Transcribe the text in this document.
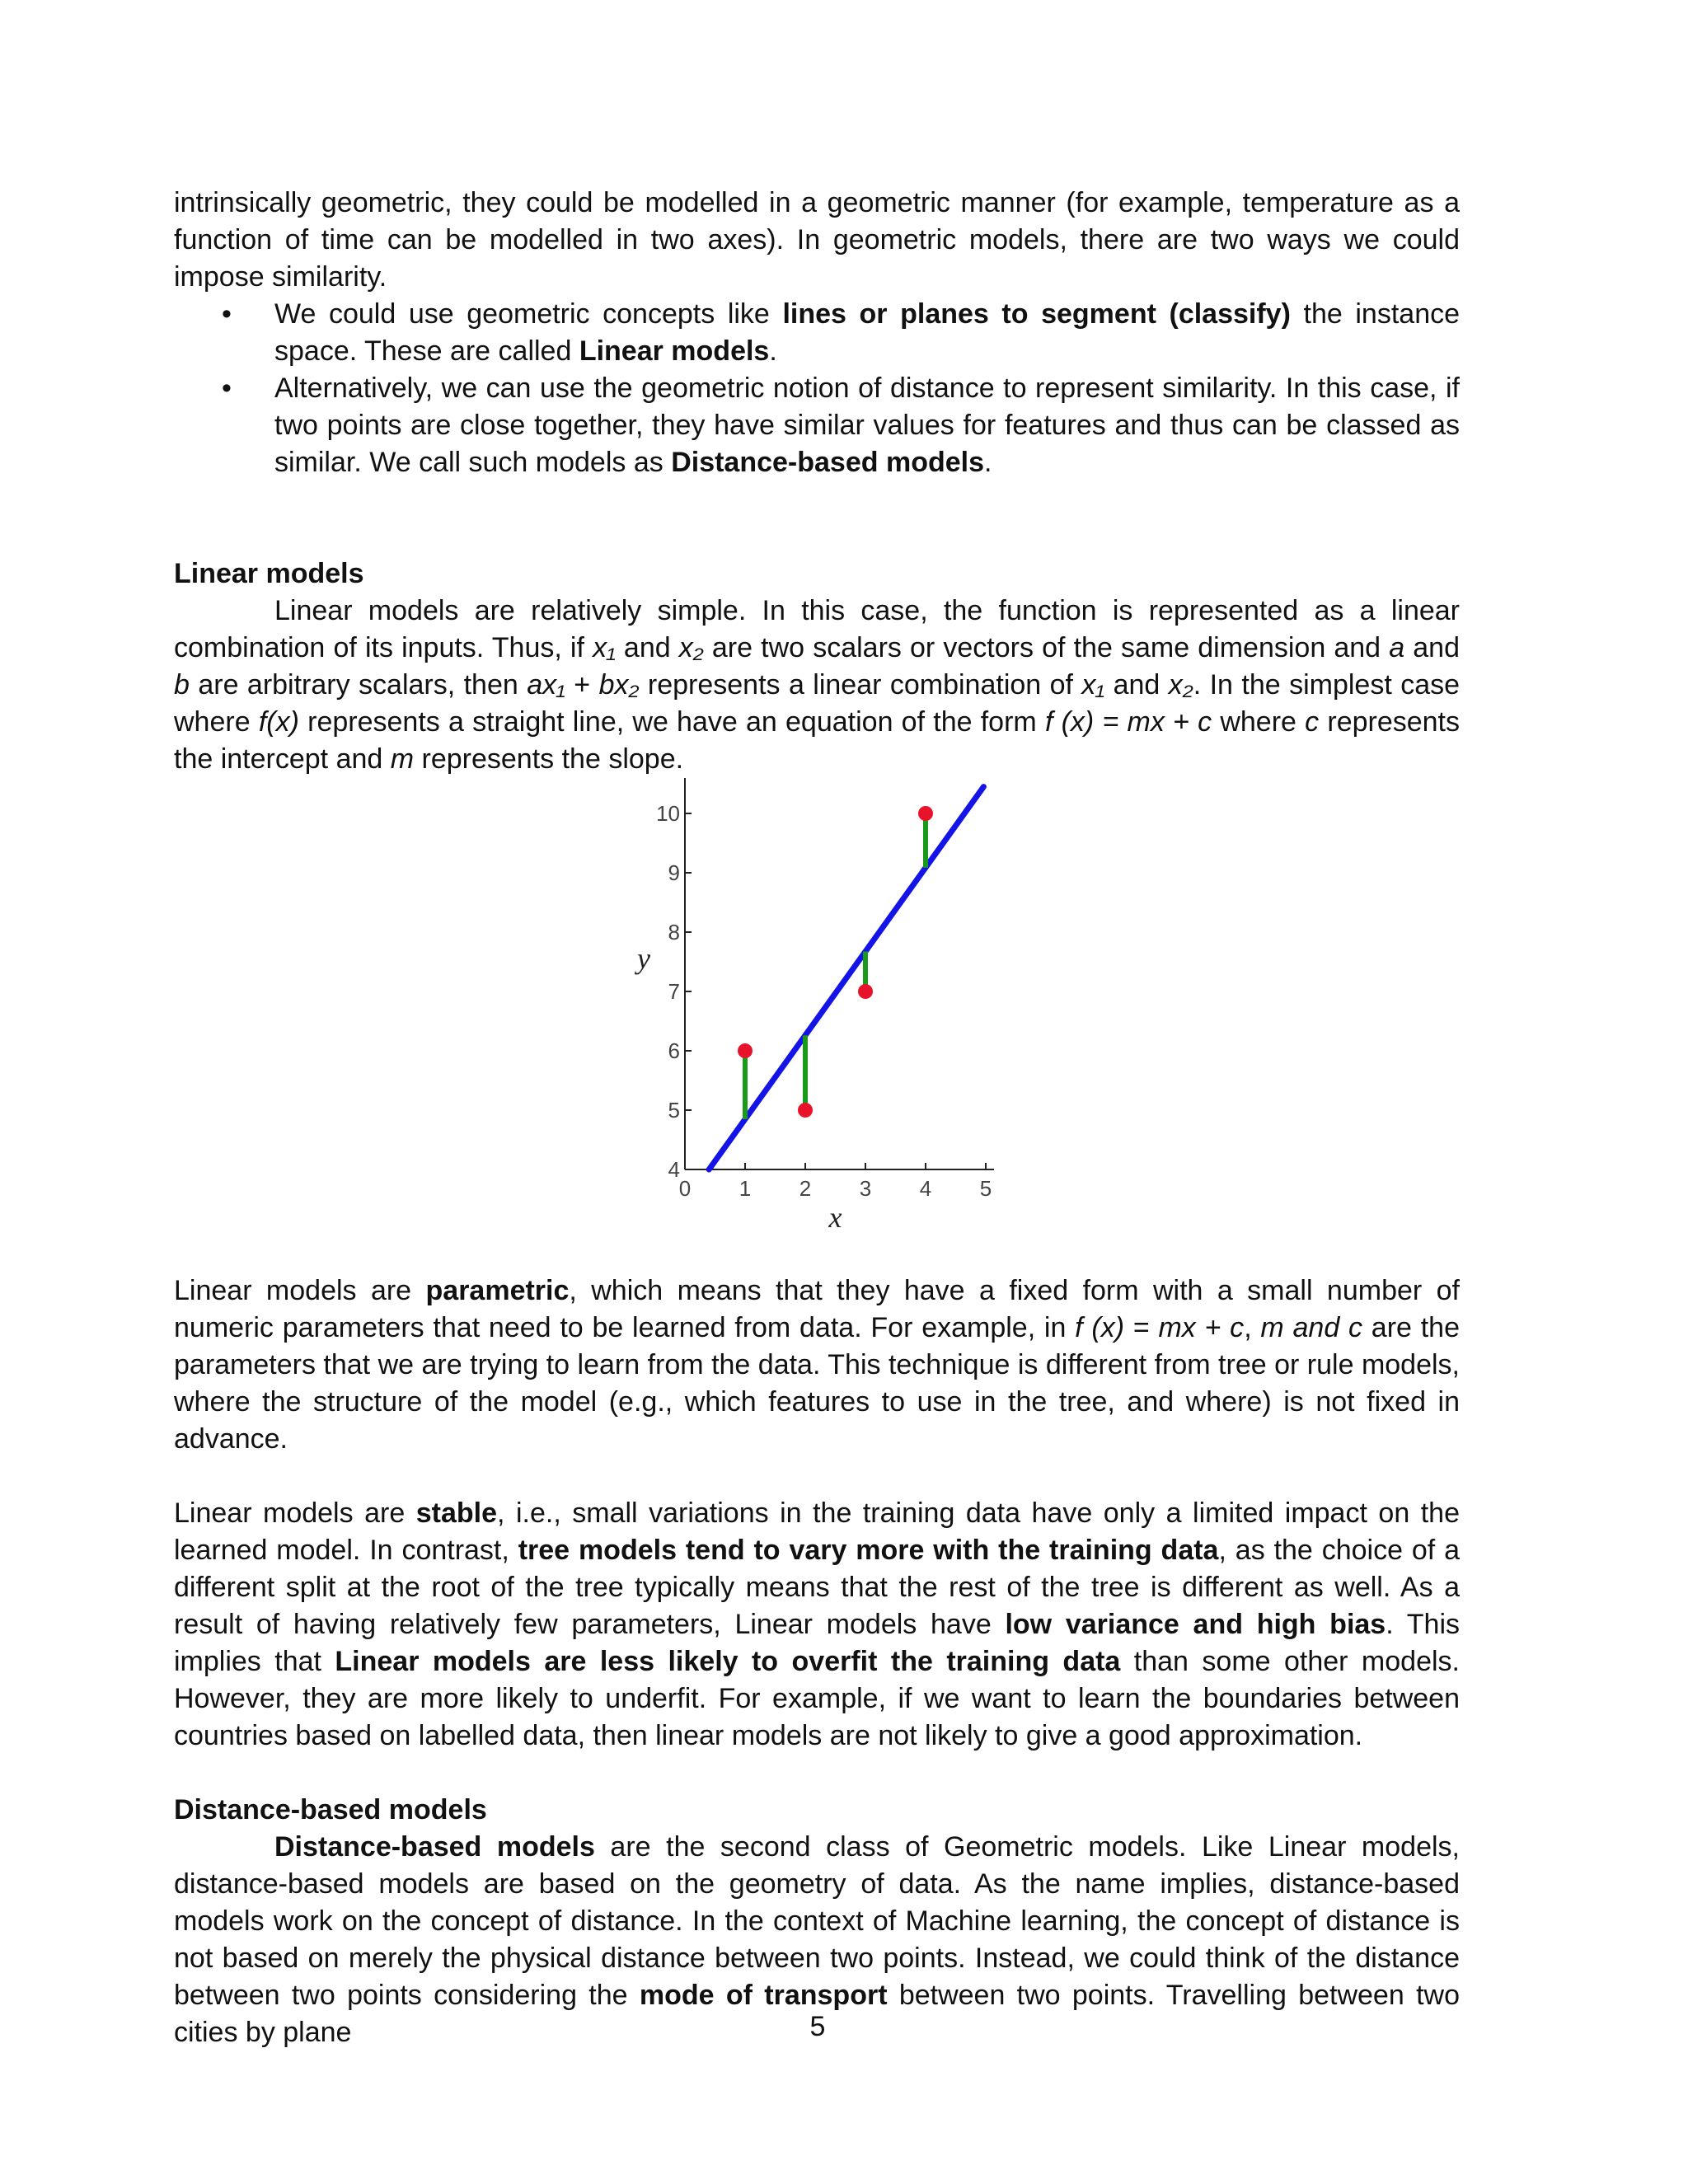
intrinsically geometric, they could be modelled in a geometric manner (for example, temperature as a function of time can be modelled in two axes). In geometric models, there are two ways we could impose similarity.

• We could use geometric concepts like lines or planes to segment (classify) the instance space. These are called Linear models.
• Alternatively, we can use the geometric notion of distance to represent similarity. In this case, if two points are close together, they have similar values for features and thus can be classed as similar. We call such models as Distance-based models.
Linear models

Linear models are relatively simple. In this case, the function is represented as a linear combination of its inputs. Thus, if x₁ and x₂ are two scalars or vectors of the same dimension and a and b are arbitrary scalars, then ax₁ + bx₂ represents a linear combination of x₁ and x₂. In the simplest case where f(x) represents a straight line, we have an equation of the form f (x) = mx + c where c represents the intercept and m represents the slope.

0 1 2 3 4 5
4
5
6
7
8
9
10
x
y

Linear models are parametric, which means that they have a fixed form with a small number of numeric parameters that need to be learned from data. For example, in f (x) = mx + c, m and c are the parameters that we are trying to learn from the data. This technique is different from tree or rule models, where the structure of the model (e.g., which features to use in the tree, and where) is not fixed in advance.

Linear models are stable, i.e., small variations in the training data have only a limited impact on the learned model. In contrast, tree models tend to vary more with the training data, as the choice of a different split at the root of the tree typically means that the rest of the tree is different as well. As a result of having relatively few parameters, Linear models have low variance and high bias. This implies that Linear models are less likely to overfit the training data than some other models. However, they are more likely to underfit. For example, if we want to learn the boundaries between countries based on labelled data, then linear models are not likely to give a good approximation.

Distance-based models

Distance-based models are the second class of Geometric models. Like Linear models, distance-based models are based on the geometry of data. As the name implies, distance-based models work on the concept of distance. In the context of Machine learning, the concept of distance is not based on merely the physical distance between two points. Instead, we could think of the distance between two points considering the mode of transport between two points. Travelling between two cities by plane	5
